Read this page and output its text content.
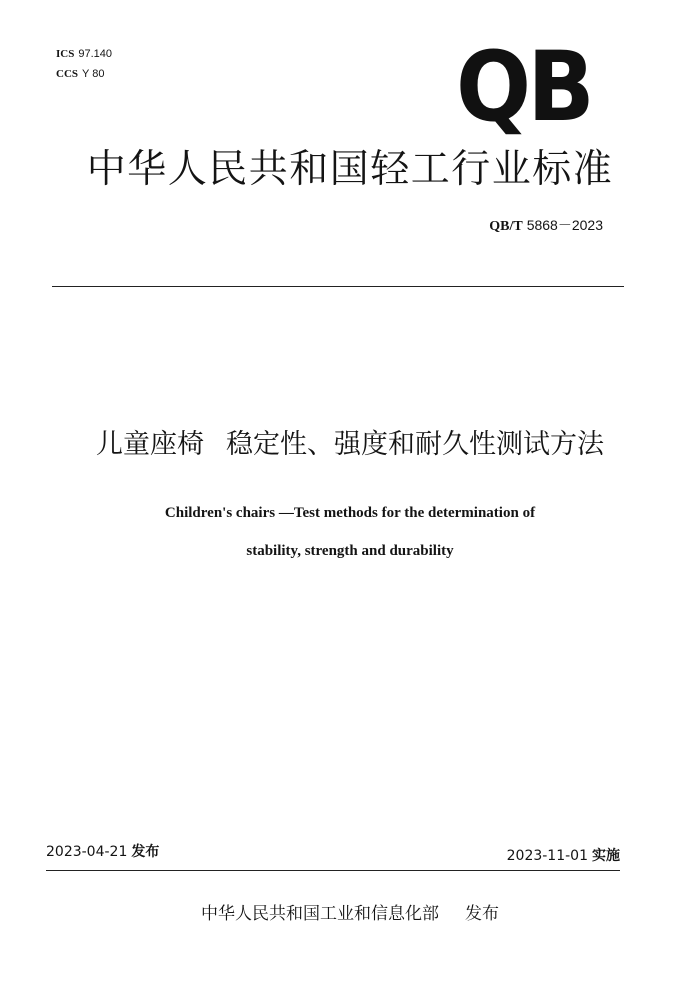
ICS 97.140
CCS Y 80	QB
中华人民共和国轻工行业标准
QB/T 5868－2023
儿童座椅 稳定性、强度和耐久性测试方法
Children's chairs —Test methods for the determination of
stability, strength and durability
2023-04-21 发布	2023-11-01 实施
中华人民共和国工业和信息化部 发布
